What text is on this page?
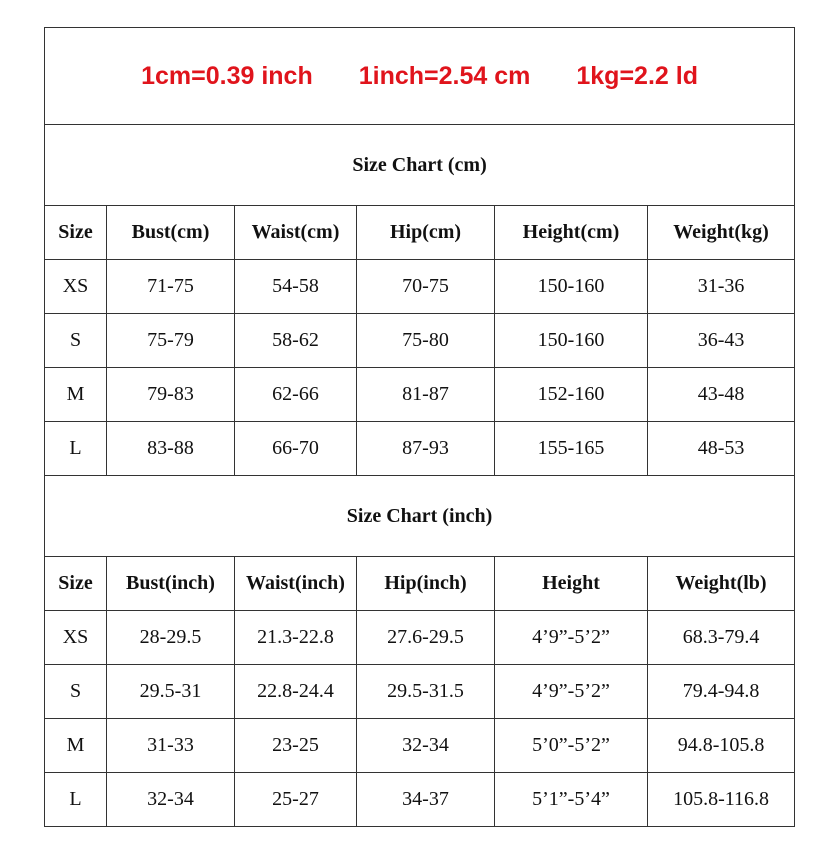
1cm=0.39 inch 1inch=2.54 cm 1kg=2.2 ld					

Size Chart (cm)					
Size	Bust(cm)	Waist(cm)	Hip(cm)	Height(cm)	Weight(kg)
XS	71-75	54-58	70-75	150-160	31-36
S	75-79	58-62	75-80	150-160	36-43
M	79-83	62-66	81-87	152-160	43-48
L	83-88	66-70	87-93	155-165	48-53
Size Chart (inch)					
Size	Bust(inch)	Waist(inch)	Hip(inch)	Height	Weight(lb)
XS	28-29.5	21.3-22.8	27.6-29.5	4’9”-5’2”	68.3-79.4
S	29.5-31	22.8-24.4	29.5-31.5	4’9”-5’2”	79.4-94.8
M	31-33	23-25	32-34	5’0”-5’2”	94.8-105.8
L	32-34	25-27	34-37	5’1”-5’4”	105.8-116.8
